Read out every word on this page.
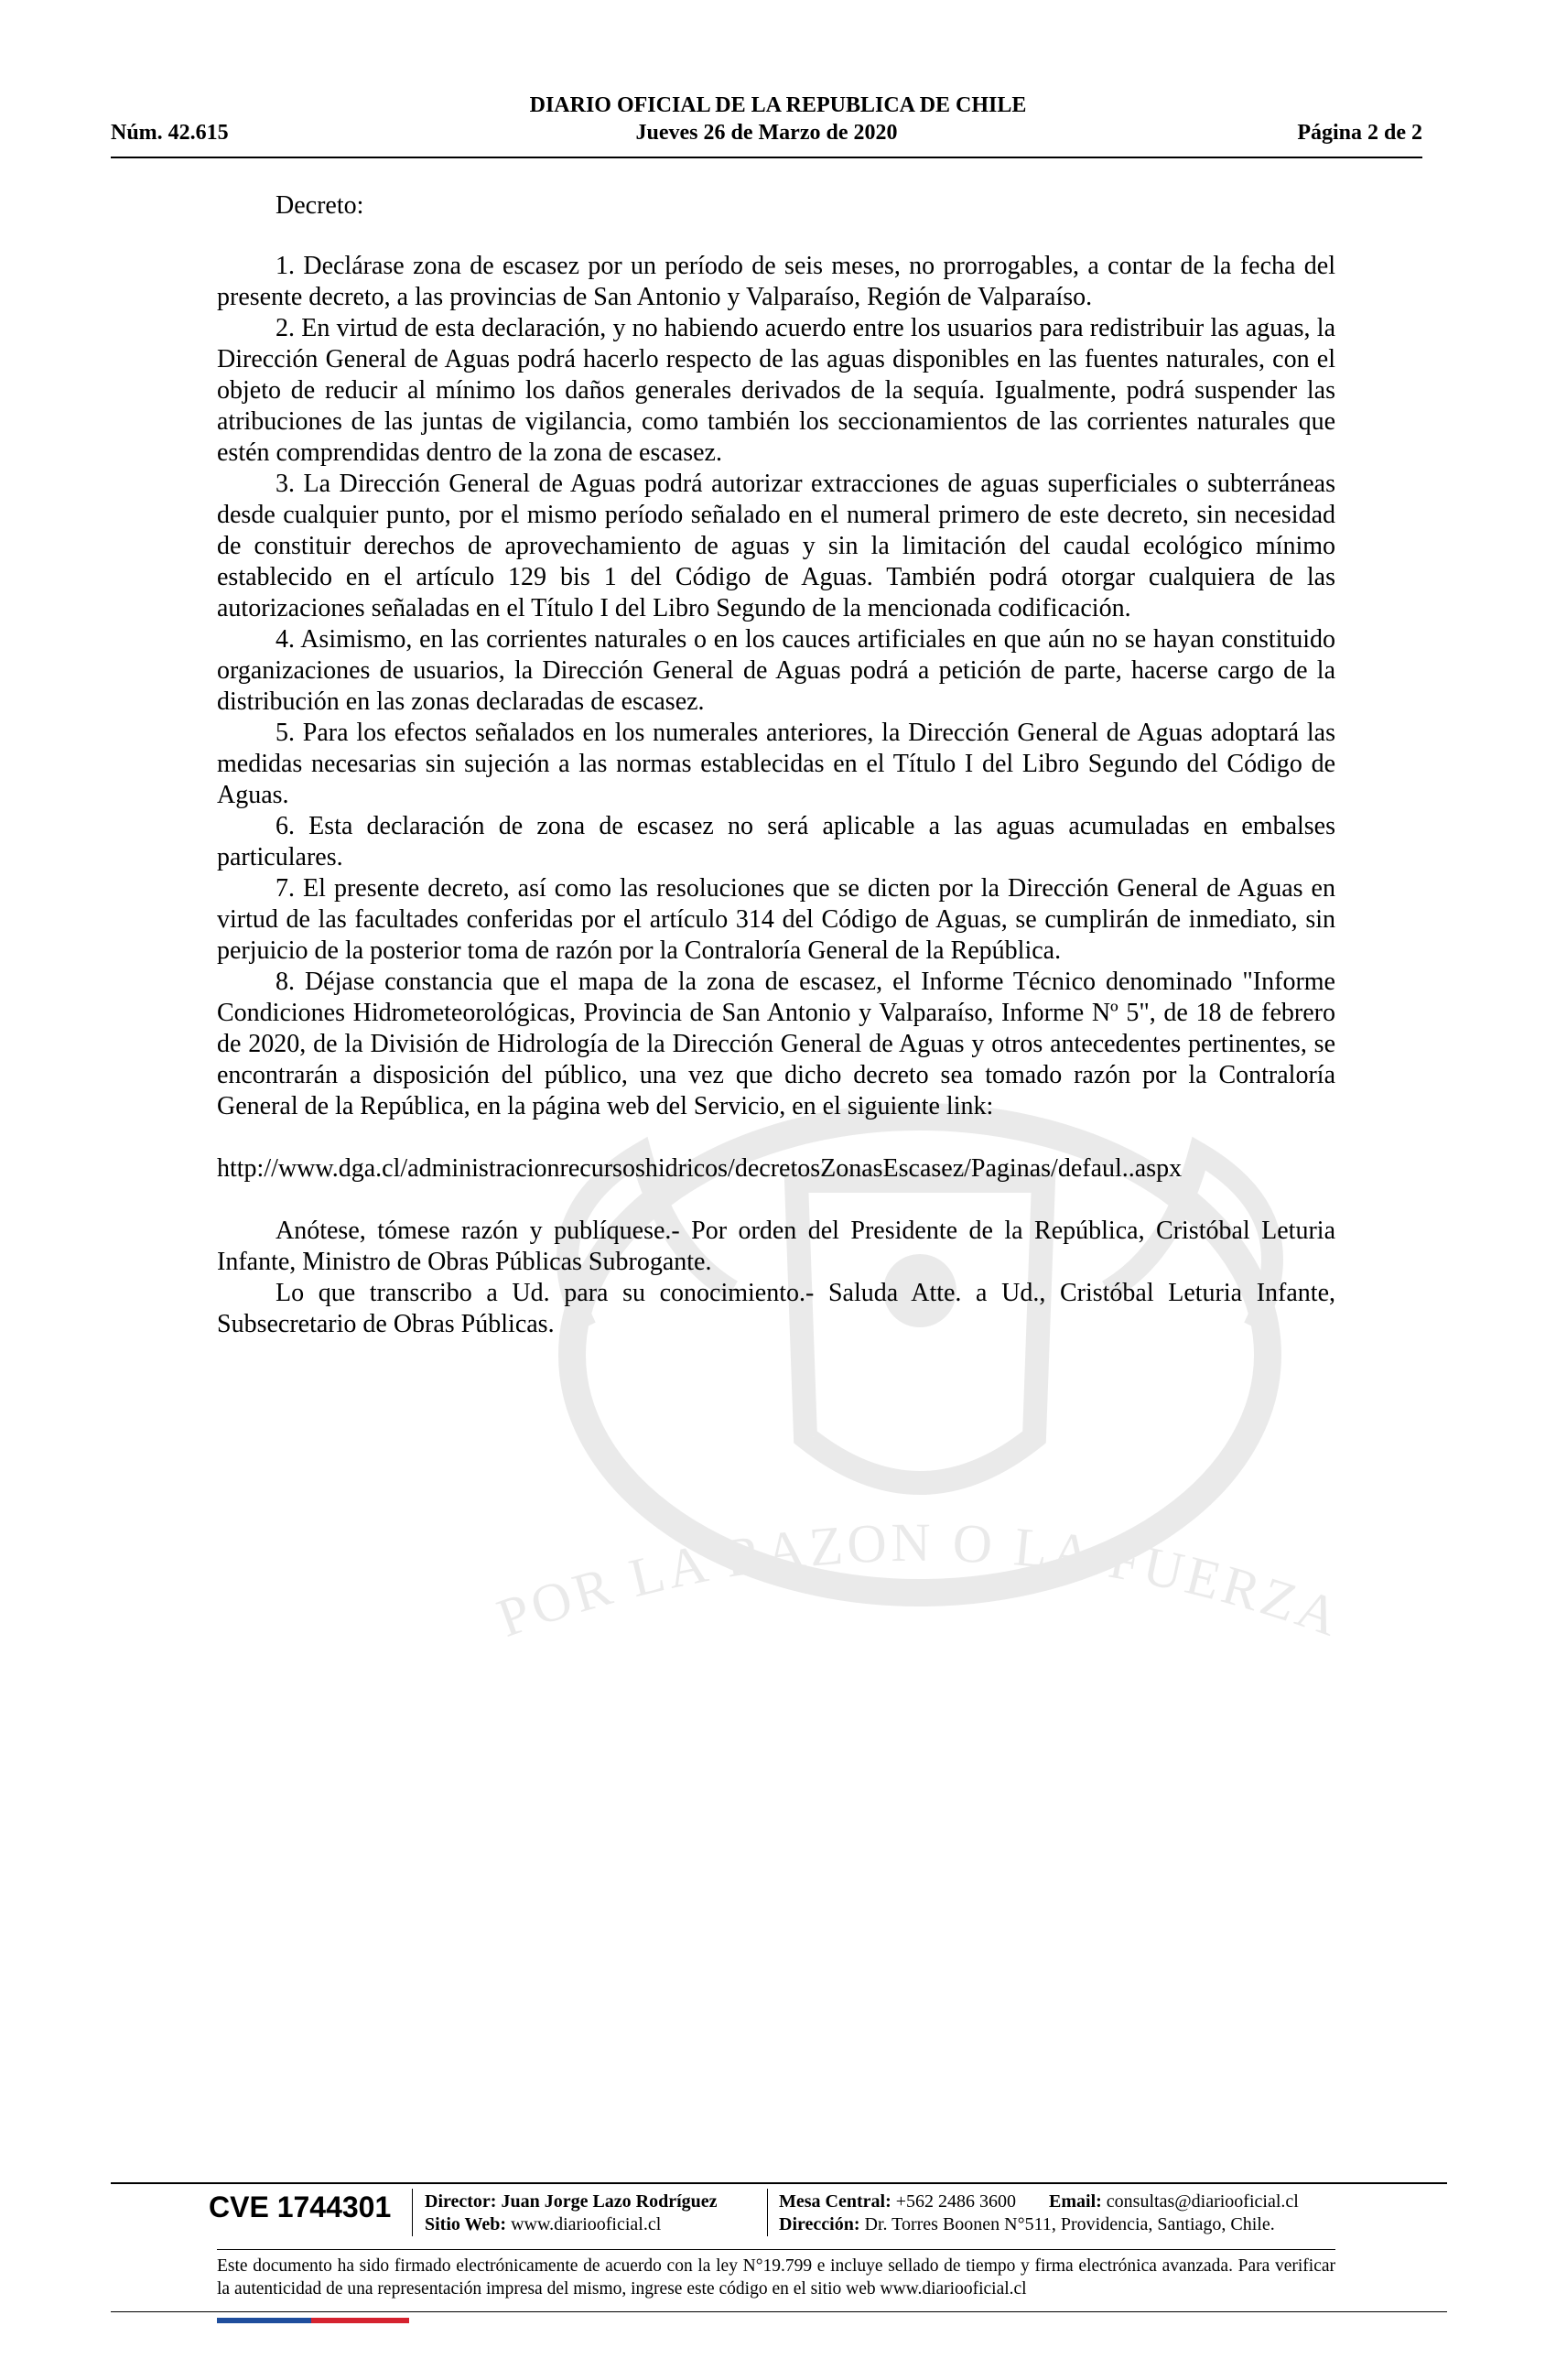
POR LA RAZON O LA FUERZA
DIARIO OFICIAL DE LA REPUBLICA DE CHILE
Jueves 26 de Marzo de 2020
Núm. 42.615	Página 2 de 2

Decreto:

1. Declárase zona de escasez por un período de seis meses, no prorrogables, a contar de la fecha del presente decreto, a las provincias de San Antonio y Valparaíso, Región de Valparaíso.

2. En virtud de esta declaración, y no habiendo acuerdo entre los usuarios para redistribuir las aguas, la Dirección General de Aguas podrá hacerlo respecto de las aguas disponibles en las fuentes naturales, con el objeto de reducir al mínimo los daños generales derivados de la sequía. Igualmente, podrá suspender las atribuciones de las juntas de vigilancia, como también los seccionamientos de las corrientes naturales que estén comprendidas dentro de la zona de escasez.

3. La Dirección General de Aguas podrá autorizar extracciones de aguas superficiales o subterráneas desde cualquier punto, por el mismo período señalado en el numeral primero de este decreto, sin necesidad de constituir derechos de aprovechamiento de aguas y sin la limitación del caudal ecológico mínimo establecido en el artículo 129 bis 1 del Código de Aguas. También podrá otorgar cualquiera de las autorizaciones señaladas en el Título I del Libro Segundo de la mencionada codificación.

4. Asimismo, en las corrientes naturales o en los cauces artificiales en que aún no se hayan constituido organizaciones de usuarios, la Dirección General de Aguas podrá a petición de parte, hacerse cargo de la distribución en las zonas declaradas de escasez.

5. Para los efectos señalados en los numerales anteriores, la Dirección General de Aguas adoptará las medidas necesarias sin sujeción a las normas establecidas en el Título I del Libro Segundo del Código de Aguas.

6. Esta declaración de zona de escasez no será aplicable a las aguas acumuladas en embalses particulares.

7. El presente decreto, así como las resoluciones que se dicten por la Dirección General de Aguas en virtud de las facultades conferidas por el artículo 314 del Código de Aguas, se cumplirán de inmediato, sin perjuicio de la posterior toma de razón por la Contraloría General de la República.

8. Déjase constancia que el mapa de la zona de escasez, el Informe Técnico denominado "Informe Condiciones Hidrometeorológicas, Provincia de San Antonio y Valparaíso, Informe Nº 5", de 18 de febrero de 2020, de la División de Hidrología de la Dirección General de Aguas y otros antecedentes pertinentes, se encontrarán a disposición del público, una vez que dicho decreto sea tomado razón por la Contraloría General de la República, en la página web del Servicio, en el siguiente link:

http://www.dga.cl/administracionrecursoshidricos/decretosZonasEscasez/Paginas/defaul..aspx

Anótese, tómese razón y publíquese.- Por orden del Presidente de la República, Cristóbal Leturia Infante, Ministro de Obras Públicas Subrogante.

Lo que transcribo a Ud. para su conocimiento.- Saluda Atte. a Ud., Cristóbal Leturia Infante, Subsecretario de Obras Públicas.

CVE 1744301 Director: Juan Jorge Lazo Rodríguez
Sitio Web: www.diariooficial.cl
Mesa Central: +562 2486 3600 Email: consultas@diariooficial.cl
Dirección: Dr. Torres Boonen N°511, Providencia, Santiago, Chile.
Este documento ha sido firmado electrónicamente de acuerdo con la ley N°19.799 e incluye sellado de tiempo y firma electrónica avanzada. Para verificar la autenticidad de una representación impresa del mismo, ingrese este código en el sitio web www.diariooficial.cl
